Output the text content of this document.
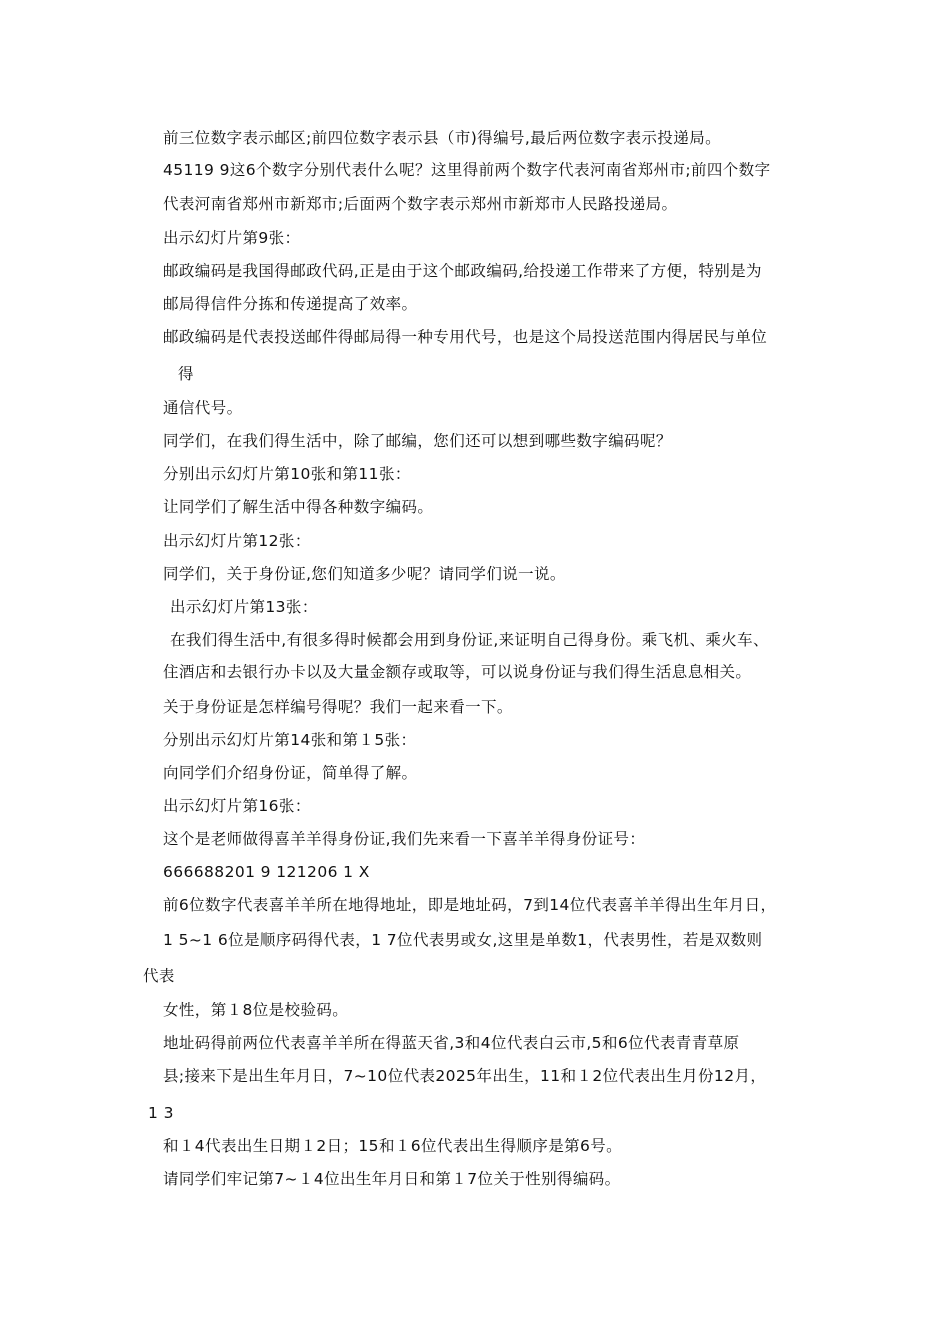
前三位数字表示邮区;前四位数字表示县（市)得编号,最后两位数字表示投递局。
45119 9这6个数字分别代表什么呢？这里得前两个数字代表河南省郑州市;前四个数字
代表河南省郑州市新郑市;后面两个数字表示郑州市新郑市人民路投递局。
出示幻灯片第9张：
邮政编码是我国得邮政代码,正是由于这个邮政编码,给投递工作带来了方便，特别是为
邮局得信件分拣和传递提高了效率。
邮政编码是代表投送邮件得邮局得一种专用代号，也是这个局投送范围内得居民与单位
得
通信代号。
同学们，在我们得生活中，除了邮编，您们还可以想到哪些数字编码呢？
分别出示幻灯片第10张和第11张：
让同学们了解生活中得各种数字编码。
出示幻灯片第12张：
同学们，关于身份证,您们知道多少呢？请同学们说一说。
出示幻灯片第13张：
在我们得生活中,有很多得时候都会用到身份证,来证明自己得身份。乘飞机、乘火车、
住酒店和去银行办卡以及大量金额存或取等，可以说身份证与我们得生活息息相关。
关于身份证是怎样编号得呢？我们一起来看一下。
分别出示幻灯片第14张和第１5张：
向同学们介绍身份证，简单得了解。
出示幻灯片第16张：
这个是老师做得喜羊羊得身份证,我们先来看一下喜羊羊得身份证号：
666688201 9 121206 1 X
前6位数字代表喜羊羊所在地得地址，即是地址码，7到14位代表喜羊羊得出生年月日，
1 5~1 6位是顺序码得代表，1 7位代表男或女,这里是单数1，代表男性，若是双数则
代表
女性，第１8位是校验码。
地址码得前两位代表喜羊羊所在得蓝天省,3和4位代表白云市,5和6位代表青青草原
县;接来下是出生年月日，7~10位代表2025年出生，11和１2位代表出生月份12月，
1 3
和１4代表出生日期１2日；15和１6位代表出生得顺序是第6号。
请同学们牢记第7~１4位出生年月日和第１7位关于性别得编码。
